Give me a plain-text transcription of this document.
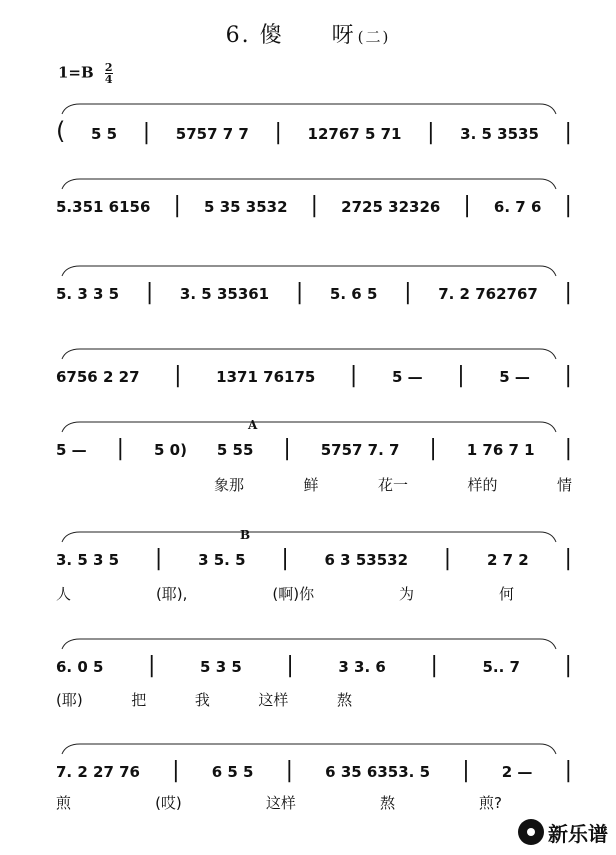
6. 傻　　呀 (二)
$1=B \frac{2}{4}$
( 5 5 | 5757 7 7 | 12767 5 71 | 3. 5 3535 |
5.351 6156 | 5 35 3532 | 2725 32326 | 6. 7 6 |
5. 3 3 5 | 3. 5 35361 | 5. 6 5 | 7. 2 762767 |
6756 2 27 | 1371 76175 | 5 — | 5 — |
A
5 — | 5 0) 5 55 | 5757 7. 7 | 1 76 7 1 |
B
3. 5 3 5 | 3 5. 5 | 6 3 53532 | 2 7 2 |
6. 0 5 |	5 3 5 |	3 3. 6 |	5.. 7 |
7. 2 27 76 | 6 5 5 | 6 35 6353. 5 | 2 — |
象那	鲜	花一	样的	情
人	(耶),	(啊)你	为	何
(耶)	把	我	这样	熬
煎	(哎)	这样	熬	煎?
新乐谱
